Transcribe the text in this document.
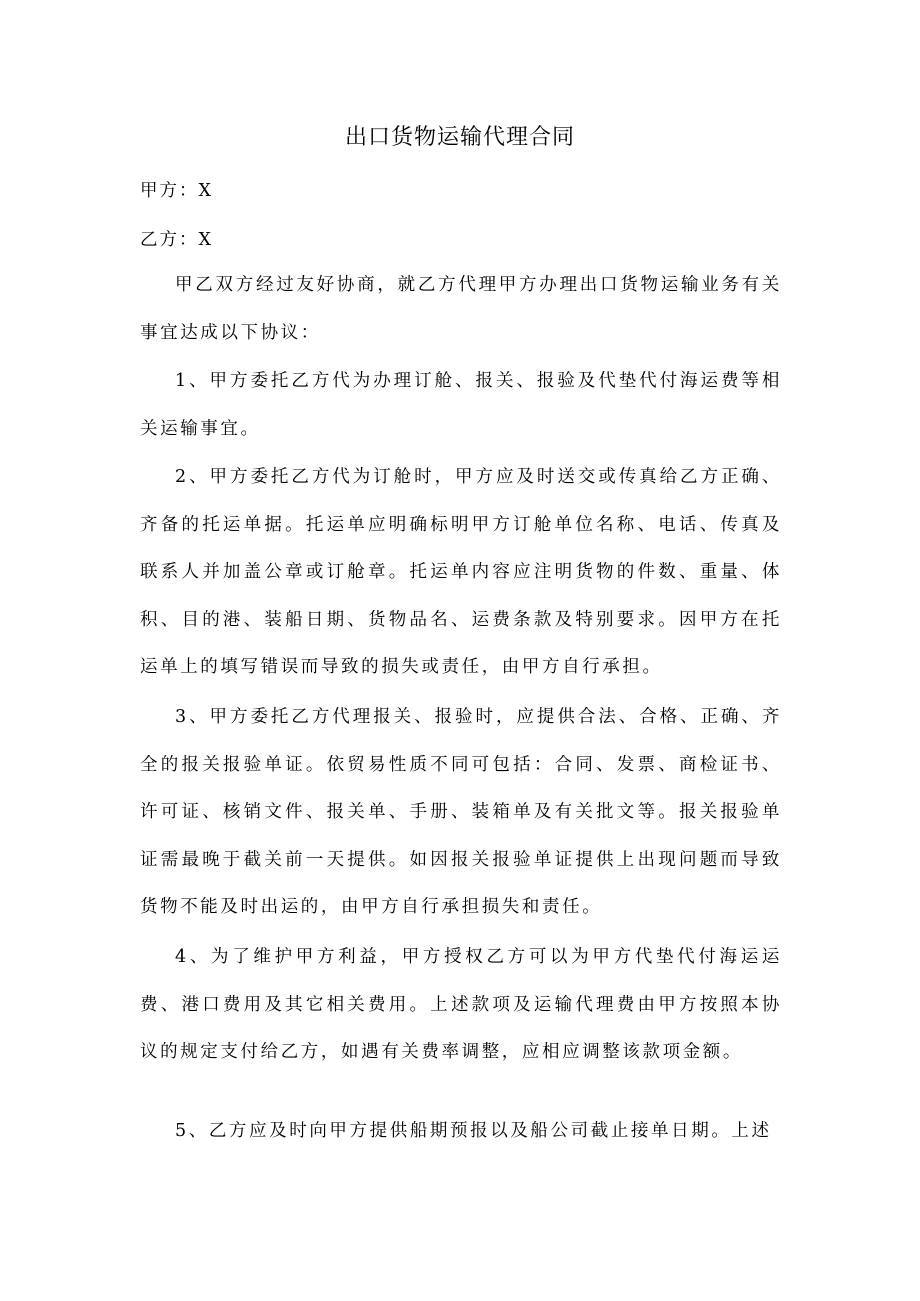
出口货物运输代理合同
甲方：X
乙方：X

甲乙双方经过友好协商，就乙方代理甲方办理出口货物运输业务有关事宜达成以下协议：

1、甲方委托乙方代为办理订舱、报关、报验及代垫代付海运费等相关运输事宜。

2、甲方委托乙方代为订舱时，甲方应及时送交或传真给乙方正确、齐备的托运单据。托运单应明确标明甲方订舱单位名称、电话、传真及联系人并加盖公章或订舱章。托运单内容应注明货物的件数、重量、体积、目的港、装船日期、货物品名、运费条款及特别要求。因甲方在托运单上的填写错误而导致的损失或责任，由甲方自行承担。

3、甲方委托乙方代理报关、报验时，应提供合法、合格、正确、齐全的报关报验单证。依贸易性质不同可包括：合同、发票、商检证书、许可证、核销文件、报关单、手册、装箱单及有关批文等。报关报验单证需最晚于截关前一天提供。如因报关报验单证提供上出现问题而导致货物不能及时出运的，由甲方自行承担损失和责任。

4、为了维护甲方利益，甲方授权乙方可以为甲方代垫代付海运运费、港口费用及其它相关费用。上述款项及运输代理费由甲方按照本协议的规定支付给乙方，如遇有关费率调整，应相应调整该款项金额。

5、乙方应及时向甲方提供船期预报以及船公司截止接单日期。上述
